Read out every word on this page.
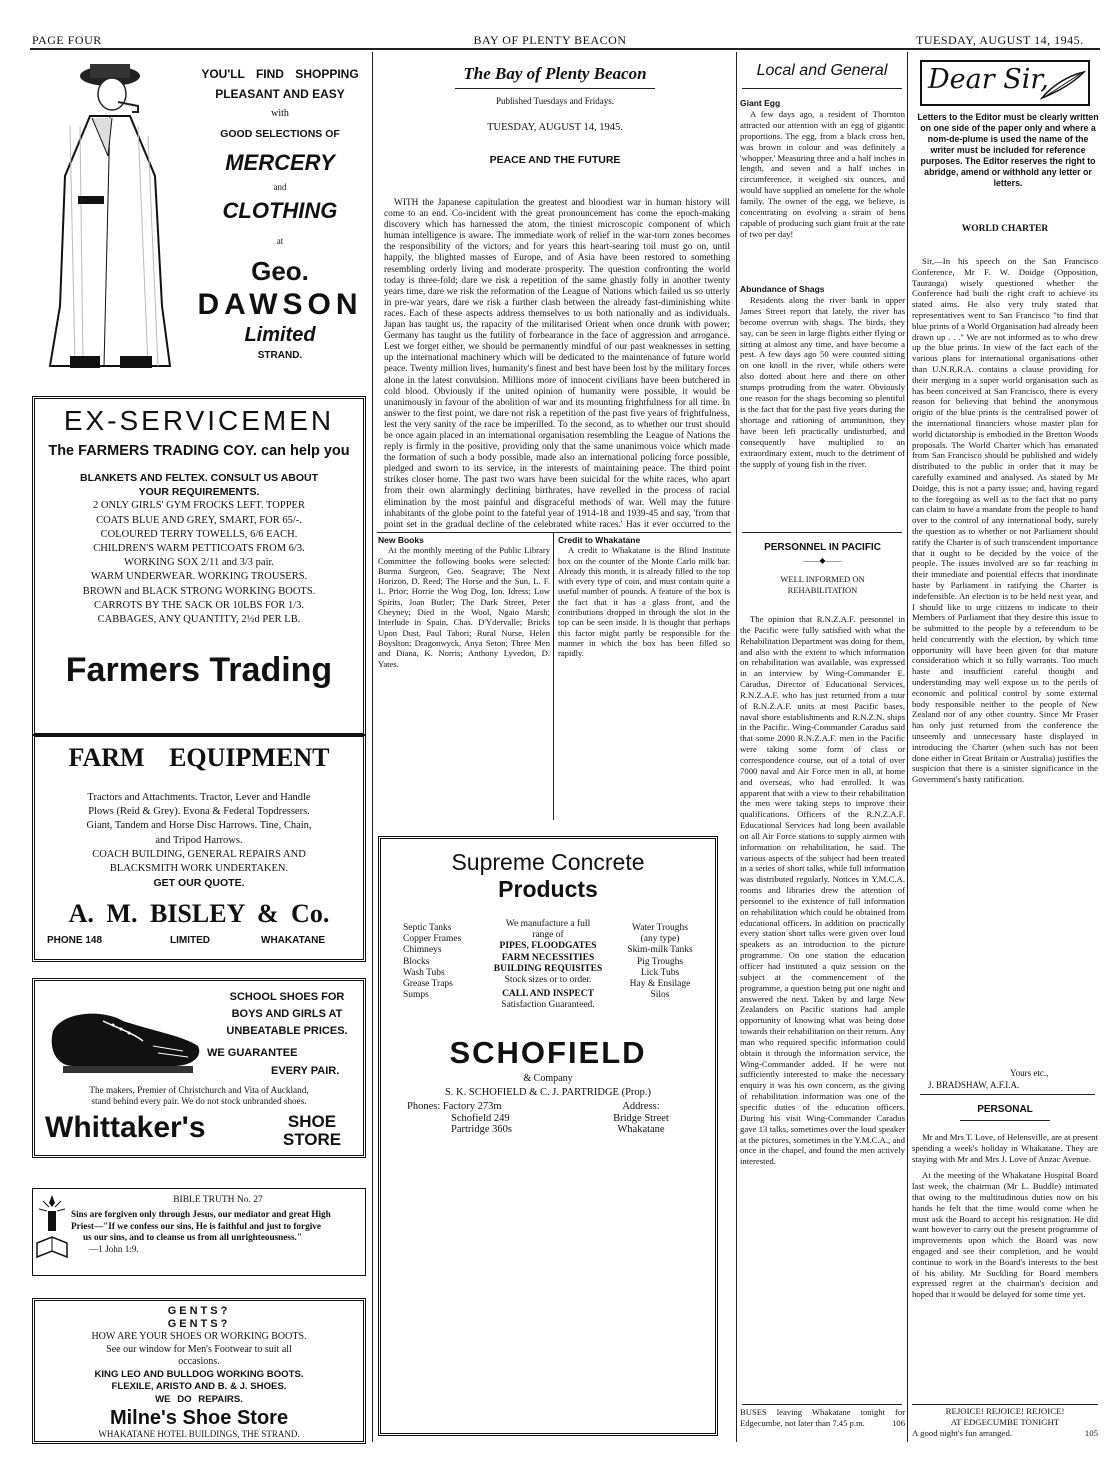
PAGE FOUR	BAY OF PLENTY BEACON	TUESDAY, AUGUST 14, 1945.
YOU'LL FIND SHOPPING
PLEASANT AND EASY
with
GOOD SELECTIONS OF
MERCERY
and
CLOTHING
at
Geo.
DAWSON
Limited
STRAND.
EX-SERVICEMEN
The FARMERS TRADING COY. can help you
BLANKETS AND FELTEX. CONSULT US ABOUT
YOUR REQUIREMENTS.
2 ONLY GIRLS' GYM FROCKS LEFT. TOPPER
COATS BLUE AND GREY, SMART, FOR 65/-.
COLOURED TERRY TOWELLS, 6/6 EACH.
CHILDREN'S WARM PETTICOATS FROM 6/3.
WORKING SOX 2/11 and 3/3 pair.
WARM UNDERWEAR. WORKING TROUSERS.
BROWN and BLACK STRONG WORKING BOOTS.
CARROTS BY THE SACK OR 10LBS FOR 1/3.
CABBAGES, ANY QUANTITY, 2½d PER LB.
Farmers Trading
FARM EQUIPMENT
Tractors and Attachments. Tractor, Lever and Handle
Plows (Reid & Grey). Evona & Federal Topdressers.
Giant, Tandem and Horse Disc Harrows. Tine, Chain,
and Tripod Harrows.
COACH BUILDING, GENERAL REPAIRS AND
BLACKSMITH WORK UNDERTAKEN.
GET OUR QUOTE.
A. M. BISLEY & Co.
PHONE 148	LIMITED	WHAKATANE
SCHOOL SHOES FOR
BOYS AND GIRLS AT
UNBEATABLE PRICES.
WE GUARANTEE
EVERY PAIR.
The makers, Premier of Christchurch and Vita of Auckland,
stand behind every pair. We do not stock unbranded shoes.
Whittaker's	SHOE
STORE
BIBLE TRUTH No. 27
Sins are forgiven only through Jesus, our mediator and great High
Priest—"If we confess our sins, He is faithful and just to forgive
us our sins, and to cleanse us from all unrighteousness."
—1 John 1:9.
GENTS?
GENTS?
HOW ARE YOUR SHOES OR WORKING BOOTS.
See our window for Men's Footwear to suit all
occasions.
KING LEO AND BULLDOG WORKING BOOTS.
FLEXILE, ARISTO AND B. & J. SHOES.
WE DO REPAIRS.
Milne's Shoe Store
WHAKATANE HOTEL BUILDINGS, THE STRAND.
The Bay of Plenty Beacon
Published Tuesdays and Fridays.
TUESDAY, AUGUST 14, 1945.
PEACE AND THE FUTURE

WITH the Japanese capitulation the greatest and bloodiest war in human history will come to an end. Co-incident with the great pronouncement has come the epoch-making discovery which has harnessed the atom, the tiniest microscopic component of which human intelligence is aware. The immediate work of relief in the war-torn zones becomes the responsibility of the victors, and for years this heart-searing toil must go on, until happily, the blighted masses of Europe, and of Asia have been restored to something resembling orderly living and moderate prosperity. The question confronting the world today is three-fold; dare we risk a repetition of the same ghastly folly in another twenty years time, dare we risk the reformation of the League of Nations which failed us so utterly in pre-war years, dare we risk a further clash between the already fast-diminishing white races. Each of these aspects address themselves to us both nationally and as individuals. Japan has taught us, the rapacity of the militarised Orient when once drunk with power; Germany has taught us the futility of forbearance in the face of aggression and arrogance. Lest we forget either, we should be permanently mindful of our past weaknesses in setting up the international machinery which will be dedicated to the maintenance of future world peace. Twenty million lives, humanity's finest and best have been lost by the military forces alone in the latest convulsion. Millions more of innocent civilians have been butchered in cold blood. Obviously if the united opinion of humanity were possible, it would be unanimously in favour of the abolition of war and its mounting frightfulness for all time. In answer to the first point, we dare not risk a repetition of the past five years of frightfulness, lest the very sanity of the race be imperilled. To the second, as to whether our trust should be once again placed in an international organisation resembling the League of Nations the reply is firmly in the positive, providing only that the same unanimous voice which made the formation of such a body possible, made also an international policing force possible, pledged and sworn to its service, in the interests of maintaining peace. The third point strikes closer home. The past two wars have been suicidal for the white races, who apart from their own alarmingly declining birthrates, have revelled in the process of racial elimination by the most painful and disgraceful methods of war. Well may the future inhabitants of the globe point to the fateful year of 1914-18 and 1939-45 and say, 'from that point set in the gradual decline of the celebrated white races.' Has it ever occurred to the

New Books

At the monthly meeting of the Public Library Committee the following books were selected: Burma Surgeon, Geo. Seagrave; The Next Horizon, D. Reed; The Horse and the Sun, L. F. L. Prior; Horrie the Wog Dog, Ion. Idress; Low Spirits, Joan Butler; The Dark Street, Peter Cheyney; Died in the Wool, Ngaio Marsh; Interlude in Spain, Chas. D'Ydervalle; Bricks Upon Dust, Paul Tabori; Rural Nurse, Helen Boyslton; Dragonwyck, Anya Seton; Three Men and Diana, K. Norris; Anthony Lyvedon, D. Yates.

Credit to Whakatane

A credit to Whakatane is the Blind Institute box on the counter of the Monte Carlo milk bar. Already this month, it is already filled to the top with every type of coin, and must contain quite a useful number of pounds. A feature of the box is the fact that it has a glass front, and the contributions dropped in through the slot in the top can be seen inside. It is thought that perhaps this factor might partly be responsible for the manner in which the box has been filled so rapidly.

Supreme Concrete
Products
Septic Tanks
Copper Frames
Chimneys
Blocks
Wash Tubs
Grease Traps
Sumps
We manufacture a full
range of
PIPES, FLOODGATES
FARM NECESSITIES
BUILDING REQUISITES
Stock sizes or to order.
CALL AND INSPECT
Satisfaction Guaranteed.
Water Troughs
(any type)
Skim-milk Tanks
Pig Troughs
Lick Tubs
Hay & Ensilage
Silos
SCHOFIELD
& Company
S. K. SCHOFIELD & C. J. PARTRIDGE (Prop.)
Phones: Factory 273m
Schofield 249
Partridge 360s
Address:
Bridge Street
Whakatane
Local and General
Giant Egg

A few days ago, a resident of Thornton attracted our attention with an egg of gigantic proportions. The egg, from a black cross hen, was brown in colour and was definitely a 'whopper.' Measuring three and a half inches in length, and seven and a half inches in circumference, it weighed six ounces, and would have supplied an omelette for the whole family. The owner of the egg, we believe, is concentrating on evolving a strain of hens capable of producing such giant fruit at the rate of two per day!

Abundance of Shags

Residents along the river bank in upper James Street report that lately, the river has become overrun with shags. The birds, they say, can be seen in large flights either flying or sitting at almost any time, and have become a pest. A few days ago 50 were counted sitting on one knoll in the river, while others were also dotted about here and there on other stumps protruding from the water. Obviously one reason for the shags becoming so plentiful is the fact that for the past five years during the shortage and rationing of ammunition, they have been left practically undisturbed, and consequently have multiplied to an extraordinary extent, much to the detriment of the supply of young fish in the river.

PERSONNEL IN PACIFIC
——◆——
WELL INFORMED ON
REHABILITATION

The opinion that R.N.Z.A.F. personnel in the Pacific were fully satisfied with what the Rehabilitation Department was doing for them, and also with the extent to which information on rehabilitation was available, was expressed in an interview by Wing-Commander E. Caradus, Director of Educational Services, R.N.Z.A.F. who has just returned from a tour of R.N.Z.A.F. units at most Pacific bases, naval shore establishments and R.N.Z.N. ships in the Pacific. Wing-Commander Caradus said that some 2000 R.N.Z.A.F. men in the Pacific were taking some form of class or correspondence course, out of a total of over 7000 naval and Air Force men in all, at home and overseas, who had enrolled. It was apparent that with a view to their rehabilitation the men were taking steps to improve their qualifications. Officers of the R.N.Z.A.F. Educational Services had long been available on all Air Force stations to supply airmen with information on rehabilitation, he said. The various aspects of the subject had been treated in a series of short talks, while full information was distributed regularly. Notices in Y.M.C.A. rooms and libraries drew the attention of personnel to the existence of full information on rehabilitation which could be obtained from educational officers. In addition on practically every station short talks were given over loud speakers as an introduction to the picture programme. On one station the education officer had instituted a quiz session on the subject at the commencement of the programme, a question being put one night and answered the next. Taken by and large New Zealanders on Pacific stations had ample opportunity of knowing what was being done towards their rehabilitation on their return. Any man who required specific information could obtain it through the information service, the Wing-Commander added. If he were not sufficiently interested to make the necessary enquiry it was his own concern, as the giving of rehabilitation information was one of the specific duties of the education officers. During his visit Wing-Commander Caradus gave 13 talks, sometimes over the loud speaker at the pictures, sometimes in the Y.M.C.A., and once in the chapel, and found the men actively interested.

BUSES leaving Whakatane tonight for Edgecumbe, not later than 7.45 p.m.	106
Dear Sir,
Letters to the Editor must be clearly written on one side of the paper only and where a nom-de-plume is used the name of the writer must be included for reference purposes. The Editor reserves the right to abridge, amend or withhold any letter or letters.
WORLD CHARTER

Sir,—In his speech on the San Francisco Conference, Mr F. W. Doidge (Opposition, Tauranga) wisely questioned whether the Conference had built the right craft to achieve its stated aims. He also very truly stated that representatives went to San Francisco "to find that blue prints of a World Organisation had already been drawn up . . ." We are not informed as to who drew up the blue prints. In view of the fact each of the various plans for international organisations other than U.N.R.R.A. contains a clause providing for their merging in a super world organisation such as has been conceived at San Francisco, there is every reason for believing that behind the anonymous origin of the blue prints is the centralised power of the international financiers whose master plan for world dictatorship is embodied in the Bretton Woods proposals. The World Charter which has emanated from San Francisco should be published and widely distributed to the public in order that it may be carefully examined and analysed. As stated by Mr Doidge, this is not a party issue; and, having regard to the foregoing as well as to the fact that no party can claim to have a mandate from the people to hand over to the control of any international body, surely the question as to whether or not Parliament should ratify the Charter is of such transcendent importance that it ought to be decided by the voice of the people. The issues involved are so far reaching in their immediate and potential effects that inordinate haste by Parliament in ratifying the Charter is indefensible. An election is to be held next year, and I should like to urge citizens to indicate to their Members of Parliament that they desire this issue to be submitted to the people by a referendum to be held concurrently with the election, by which time opportunity will have been given for that mature consideration which it so fully warrants. Too much haste and insufficient careful thought and understanding may well expose us to the perils of economic and political control by some external body responsible neither to the people of New Zealand nor of any other country. Since Mr Fraser has only just returned from the conference the unseemly and unnecessary haste displayed in introducing the Charter (when such has not been done either in Great Britain or Australia) justifies the suspicion that there is a sinister significance in the Government's hasty ratification.

Yours etc.,
J. BRADSHAW, A.F.I.A.
PERSONAL

Mr and Mrs T. Love, of Helensville, are at present spending a week's holiday in Whakatane. They are staying with Mr and Mrs J. Love of Anzac Avenue.

At the meeting of the Whakatane Hospital Board last week, the chairman (Mr L. Buddle) intimated that owing to the multitudinous duties now on his hands he felt that the time would come when he must ask the Board to accept his resignation. He did want however to carry out the present programme of improvements upon which the Board was now engaged and see their completion, and he would continue to work in the Board's interests to the best of his ability. Mr Suckling for Board members expressed regret at the chairman's decision and hoped that it would be delayed for some time yet.

REJOICE! REJOICE! REJOICE!
AT EDGECUMBE TONIGHT
A good night's fun arranged.	105
